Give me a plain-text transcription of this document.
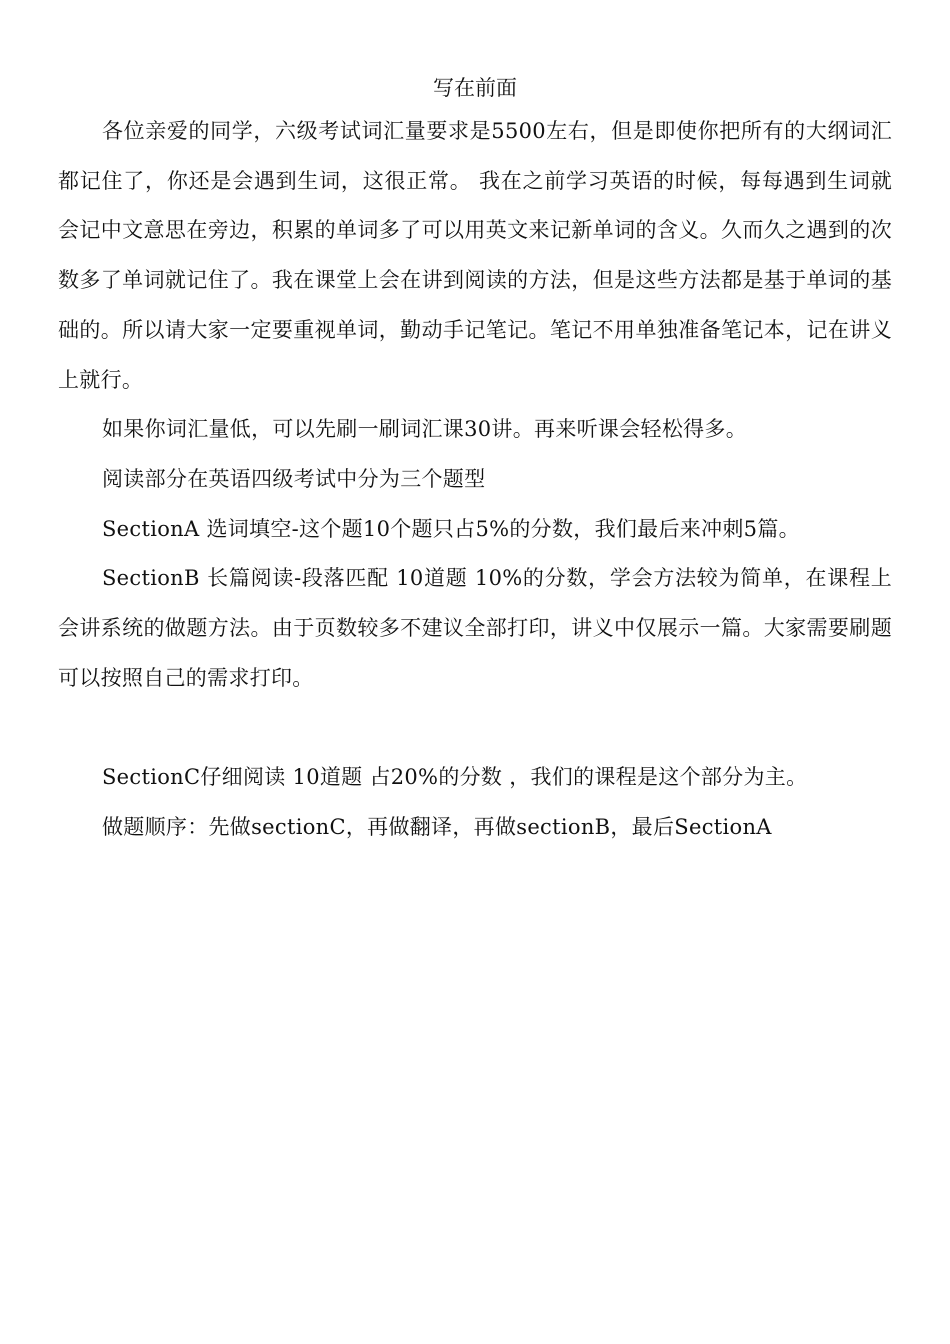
写在前面

各位亲爱的同学，六级考试词汇量要求是5500左右，但是即使你把所有的大纲词汇都记住了，你还是会遇到生词，这很正常。 我在之前学习英语的时候，每每遇到生词就会记中文意思在旁边，积累的单词多了可以用英文来记新单词的含义。久而久之遇到的次数多了单词就记住了。我在课堂上会在讲到阅读的方法，但是这些方法都是基于单词的基础的。所以请大家一定要重视单词，勤动手记笔记。笔记不用单独准备笔记本，记在讲义上就行。

如果你词汇量低，可以先刷一刷词汇课30讲。再来听课会轻松得多。

阅读部分在英语四级考试中分为三个题型

SectionA 选词填空-这个题10个题只占5%的分数，我们最后来冲刺5篇。

SectionB 长篇阅读-段落匹配 10道题 10%的分数，学会方法较为简单，在课程上会讲系统的做题方法。由于页数较多不建议全部打印，讲义中仅展示一篇。大家需要刷题可以按照自己的需求打印。

SectionC仔细阅读 10道题 占20%的分数 ，我们的课程是这个部分为主。

做题顺序：先做sectionC，再做翻译，再做sectionB，最后SectionA
